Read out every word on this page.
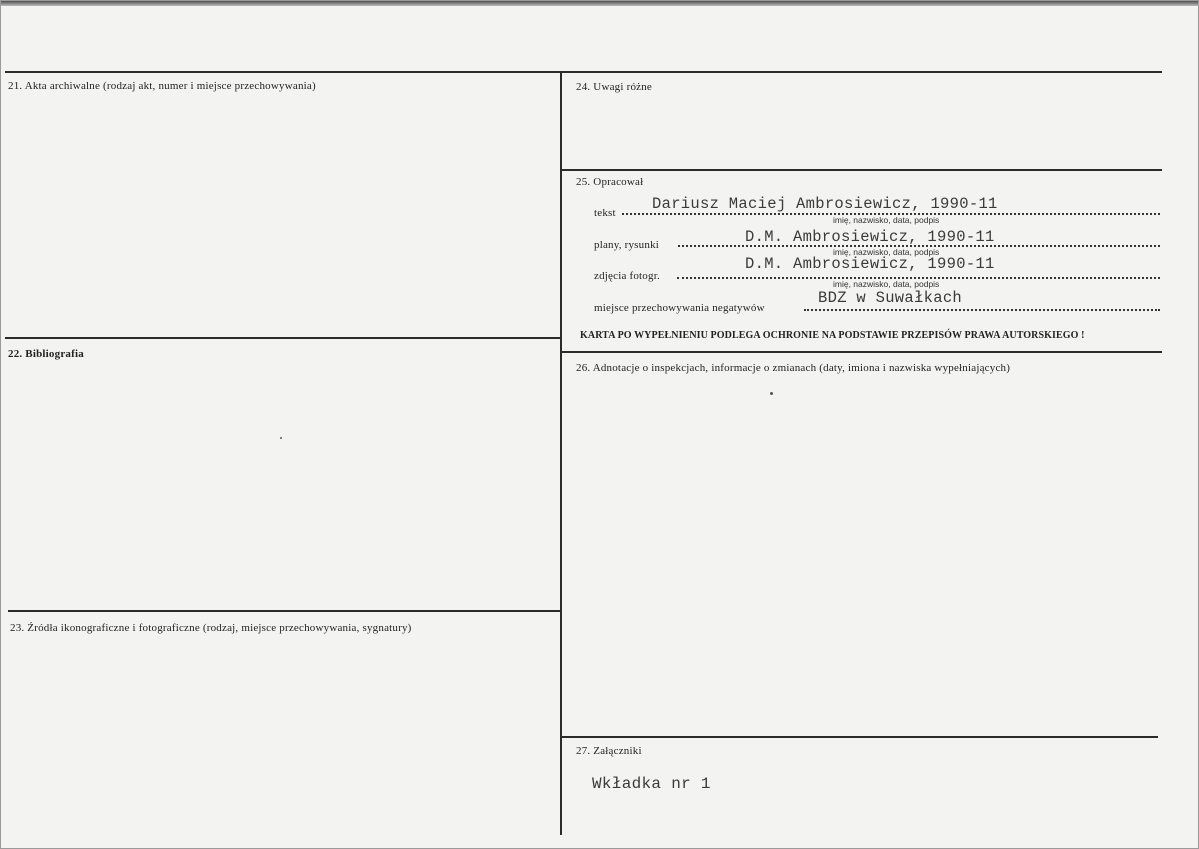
21. Akta archiwalne (rodzaj akt, numer i miejsce przechowywania)
22. Bibliografia
23. Źródła ikonograficzne i fotograficzne (rodzaj, miejsce przechowywania, sygnatury)
24. Uwagi różne
25. Opracował
26. Adnotacje o inspekcjach, informacje o zmianach (daty, imiona i nazwiska wypełniających)
27. Załączniki
tekst Dariusz Maciej Ambrosiewicz, 1990-11
imię, nazwisko, data, podpis
plany, rysunki	D.M. Ambrosiewicz, 1990-11
imię, nazwisko, data, podpis
zdjęcia fotogr.
D.M. Ambrosiewicz, 1990-11
imię, nazwisko, data, podpis
miejsce przechowywania negatywów
BDZ w Suwałkach
KARTA PO WYPEŁNIENIU PODLEGA OCHRONIE NA PODSTAWIE PRZEPISÓW PRAWA AUTORSKIEGO !
Wkładka nr 1
